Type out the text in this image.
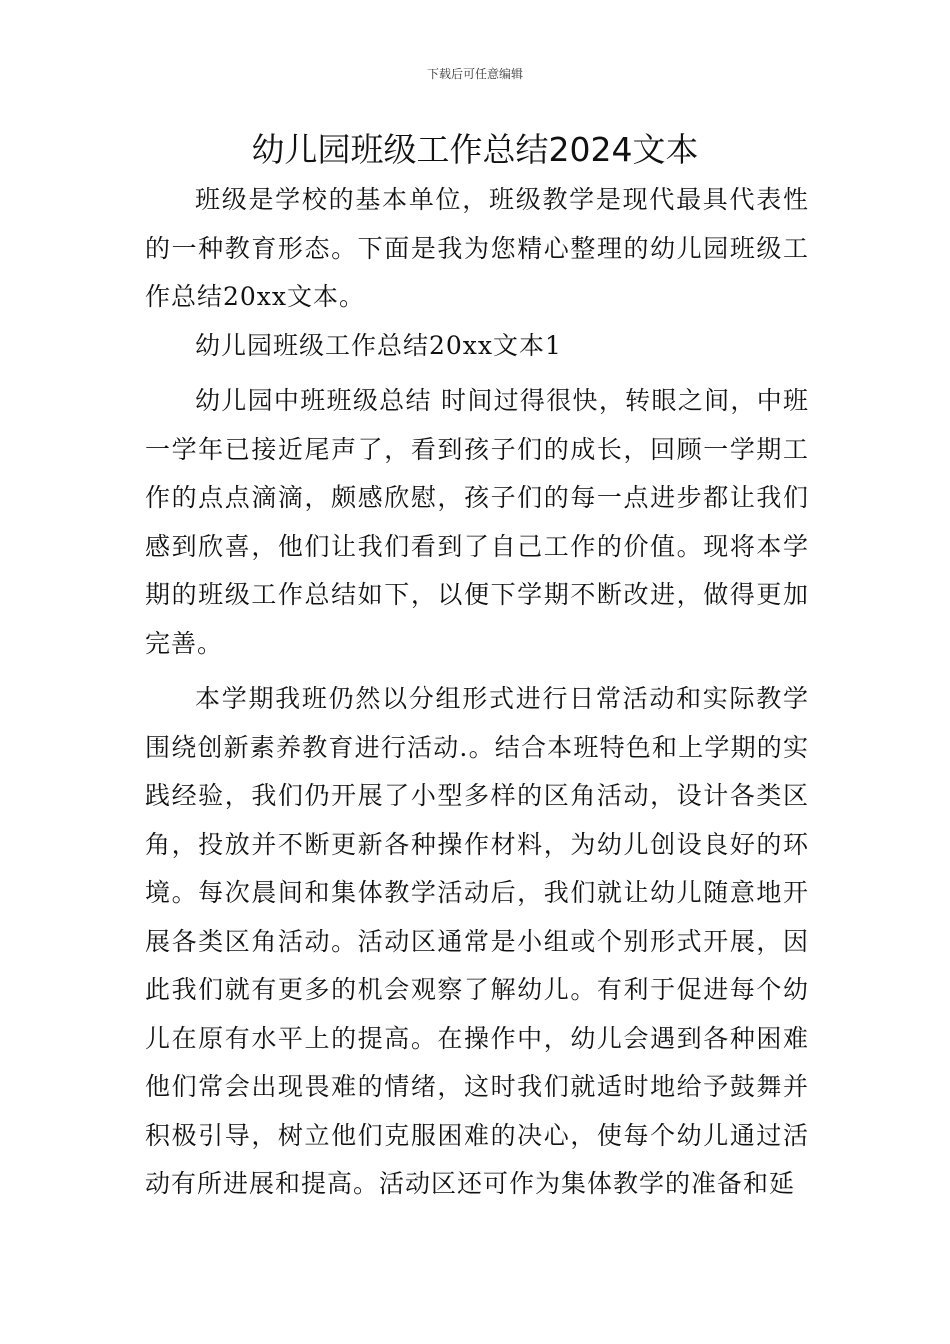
下载后可任意编辑
幼儿园班级工作总结2024文本

班级是学校的基本单位，班级教学是现代最具代表性的一种教育形态。下面是我为您精心整理的幼儿园班级工作总结20xx文本。

幼儿园班级工作总结20xx文本1

幼儿园中班班级总结 时间过得很快，转眼之间，中班一学年已接近尾声了，看到孩子们的成长，回顾一学期工作的点点滴滴，颇感欣慰，孩子们的每一点进步都让我们感到欣喜，他们让我们看到了自己工作的价值。现将本学期的班级工作总结如下，以便下学期不断改进，做得更加完善。

本学期我班仍然以分组形式进行日常活动和实际教学围绕创新素养教育进行活动.。结合本班特色和上学期的实践经验，我们仍开展了小型多样的区角活动，设计各类区角，投放并不断更新各种操作材料，为幼儿创设良好的环境。每次晨间和集体教学活动后，我们就让幼儿随意地开展各类区角活动。活动区通常是小组或个别形式开展，因此我们就有更多的机会观察了解幼儿。有利于促进每个幼儿在原有水平上的提高。在操作中，幼儿会遇到各种困难他们常会出现畏难的情绪，这时我们就适时地给予鼓舞并积极引导，树立他们克服困难的决心，使每个幼儿通过活动有所进展和提高。活动区还可作为集体教学的准备和延
